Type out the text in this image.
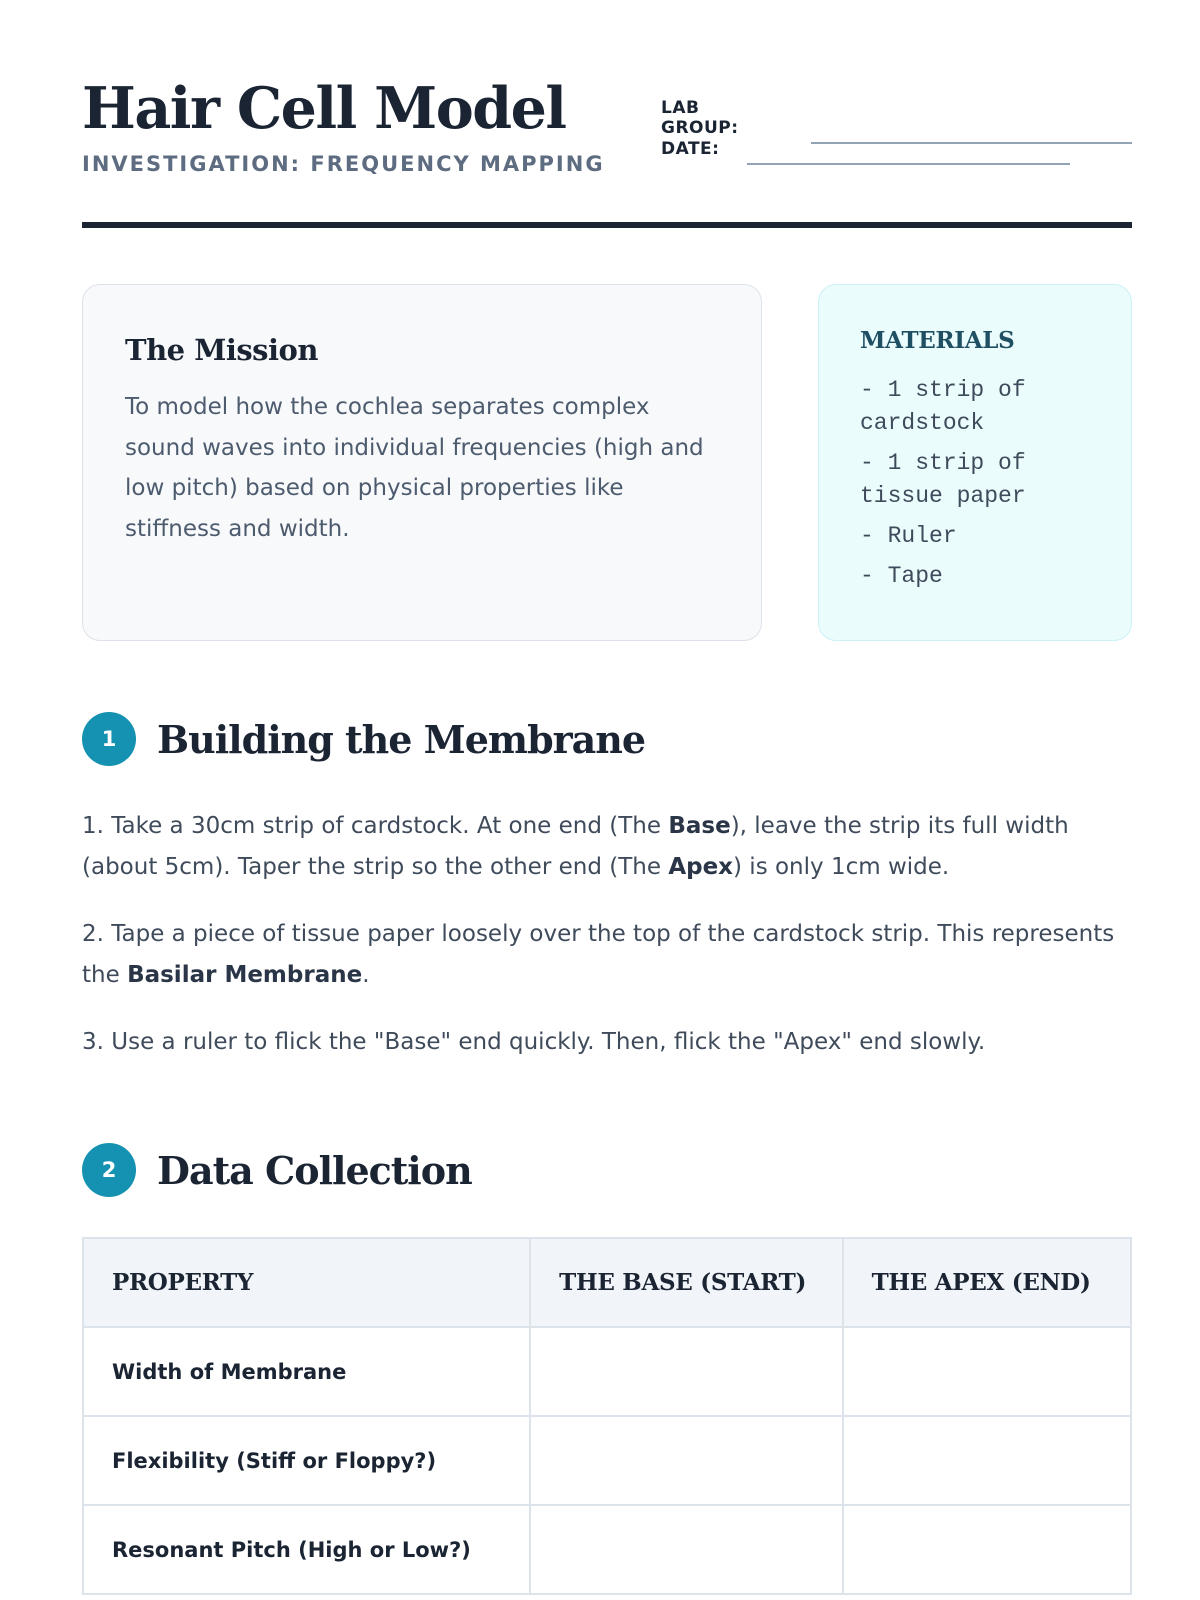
Hair Cell Model
INVESTIGATION: FREQUENCY MAPPING
LAB GROUP:
DATE:
The Mission

To model how the cochlea separates complex sound waves into individual frequencies (high and low pitch) based on physical properties like stiffness and width.

MATERIALS
- 1 strip of cardstock
- 1 strip of tissue paper
- Ruler
- Tape
1	Building the Membrane

1. Take a 30cm strip of cardstock. At one end (The Base), leave the strip its full width (about 5cm). Taper the strip so the other end (The Apex) is only 1cm wide.

2. Tape a piece of tissue paper loosely over the top of the cardstock strip. This represents the Basilar Membrane.

3. Use a ruler to flick the "Base" end quickly. Then, flick the "Apex" end slowly.

2	Data Collection
PROPERTY	THE BASE (START)	THE APEX (END)
Width of Membrane		
Flexibility (Stiff or Floppy?)		
Resonant Pitch (High or Low?)		
